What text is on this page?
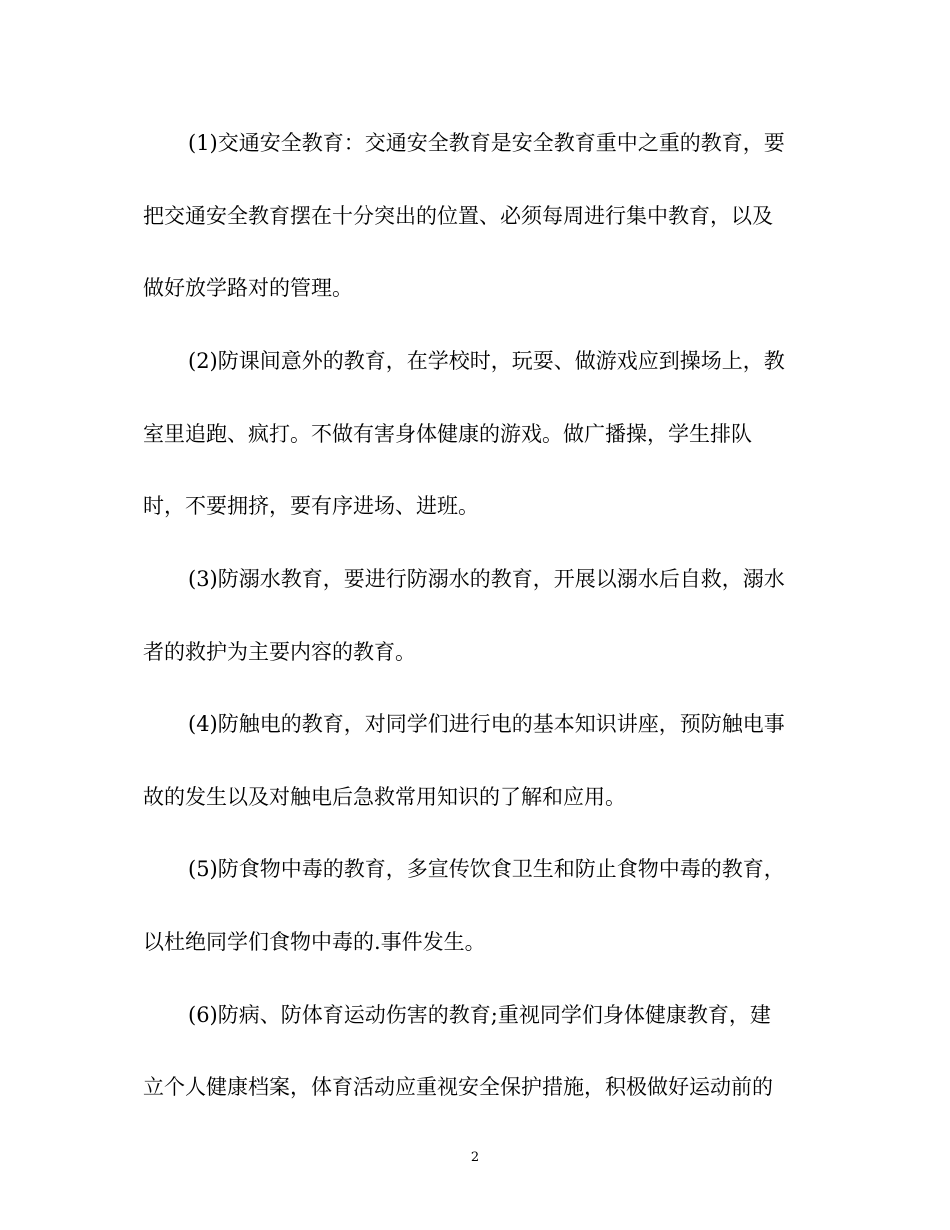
(1)交通安全教育：交通安全教育是安全教育重中之重的教育，要
把交通安全教育摆在十分突出的位置、必须每周进行集中教育，以及
做好放学路对的管理。
(2)防课间意外的教育，在学校时，玩耍、做游戏应到操场上，教
室里追跑、疯打。不做有害身体健康的游戏。做广播操，学生排队
时，不要拥挤，要有序进场、进班。
(3)防溺水教育，要进行防溺水的教育，开展以溺水后自救，溺水
者的救护为主要内容的教育。
(4)防触电的教育，对同学们进行电的基本知识讲座，预防触电事
故的发生以及对触电后急救常用知识的了解和应用。
(5)防食物中毒的教育，多宣传饮食卫生和防止食物中毒的教育，
以杜绝同学们食物中毒的.事件发生。
(6)防病、防体育运动伤害的教育;重视同学们身体健康教育，建
立个人健康档案，体育活动应重视安全保护措施，积极做好运动前的
2
